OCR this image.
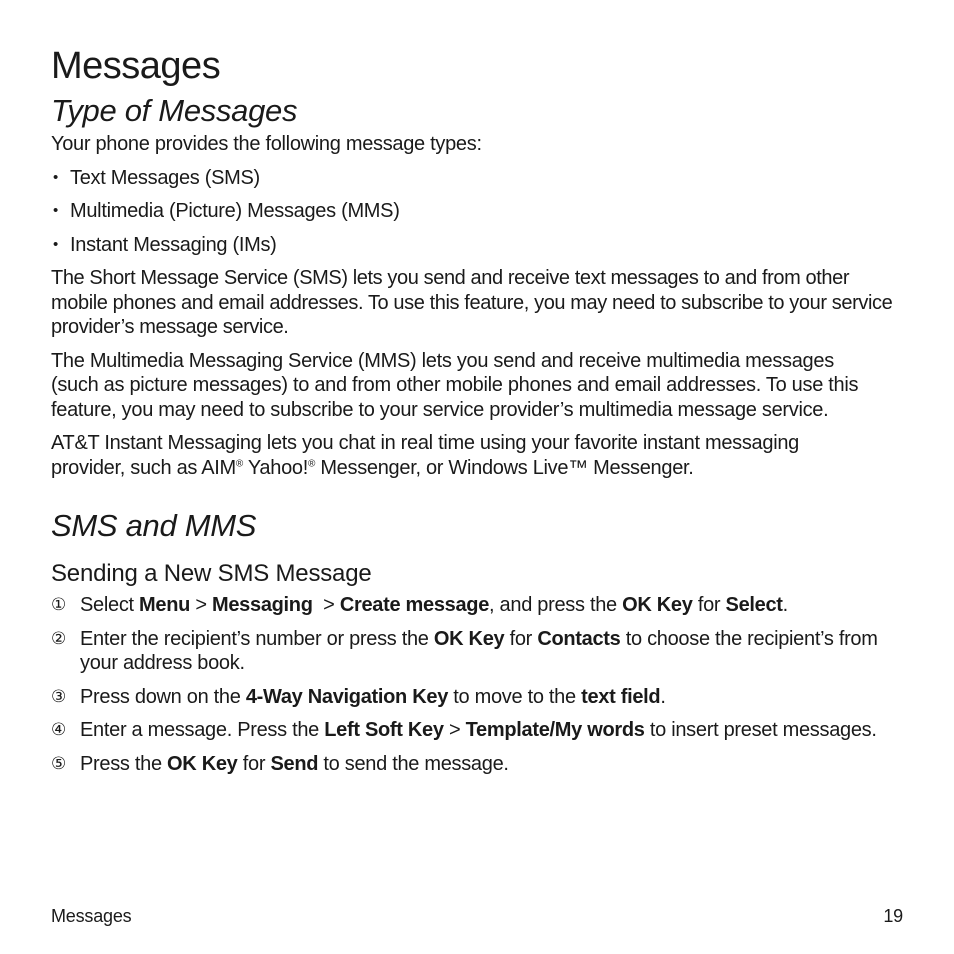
Messages
Type of Messages

Your phone provides the following message types:

• Text Messages (SMS)
• Multimedia (Picture) Messages (MMS)
• Instant Messaging (IMs)

The Short Message Service (SMS) lets you send and receive text messages to and from other mobile phones and email addresses. To use this feature, you may need to subscribe to your service provider’s message service.

The Multimedia Messaging Service (MMS) lets you send and receive multimedia messages (such as picture messages) to and from other mobile phones and email addresses. To use this feature, you may need to subscribe to your service provider’s multimedia message service.

AT&T Instant Messaging lets you chat in real time using your favorite instant messaging provider, such as AIM® Yahoo!® Messenger, or Windows Live™ Messenger.

SMS and MMS
Sending a New SMS Message
① Select Menu > Messaging  > Create message, and press the OK Key for Select.
② Enter the recipient’s number or press the OK Key for Contacts to choose the recipient’s from your address book.
③ Press down on the 4-Way Navigation Key to move to the text field.
④ Enter a message. Press the Left Soft Key > Template/My words to insert preset messages.
⑤ Press the OK Key for Send to send the message.
Messages	19
